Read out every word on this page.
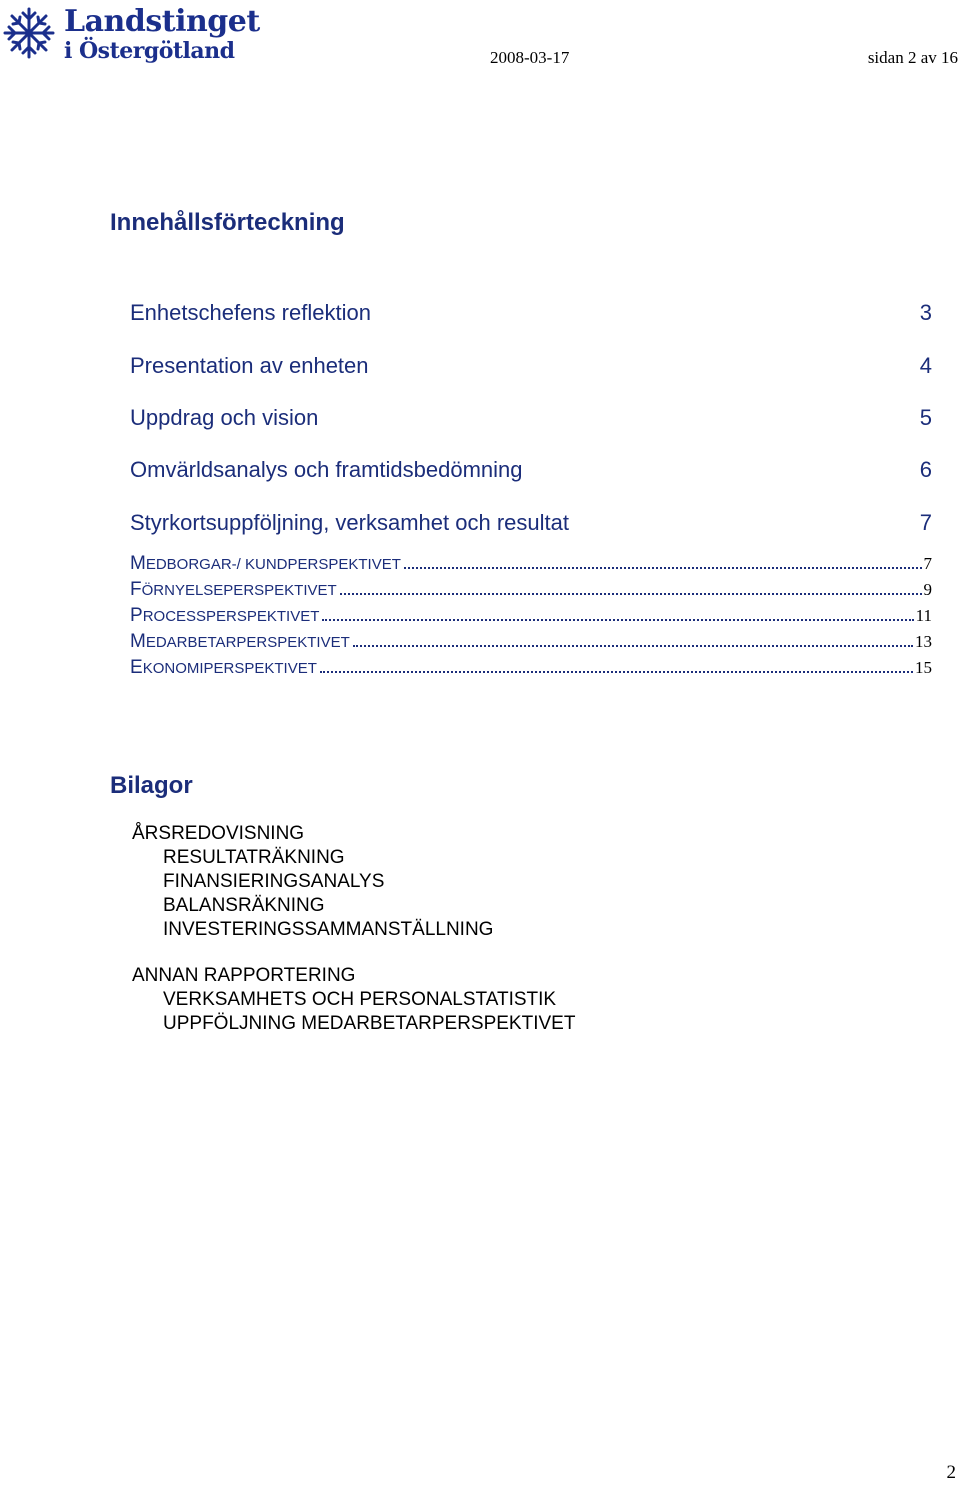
Landstinget
i Östergötland	2008-03-17	sidan 2 av 16
Innehållsförteckning
Enhetschefens reflektion	3
Presentation av enheten	4
Uppdrag och vision	5
Omvärldsanalys och framtidsbedömning	6
Styrkortsuppföljning, verksamhet och resultat	7
MEDBORGAR-/ KUNDPERSPEKTIVET	7
FÖRNYELSEPERSPEKTIVET	9
PROCESSPERSPEKTIVET	11
MEDARBETARPERSPEKTIVET	13
EKONOMIPERSPEKTIVET	15
Bilagor
ÅRSREDOVISNING
RESULTATRÄKNING
FINANSIERINGSANALYS
BALANSRÄKNING
INVESTERINGSSAMMANSTÄLLNING
ANNAN RAPPORTERING
VERKSAMHETS OCH PERSONALSTATISTIK
UPPFÖLJNING MEDARBETARPERSPEKTIVET
2
